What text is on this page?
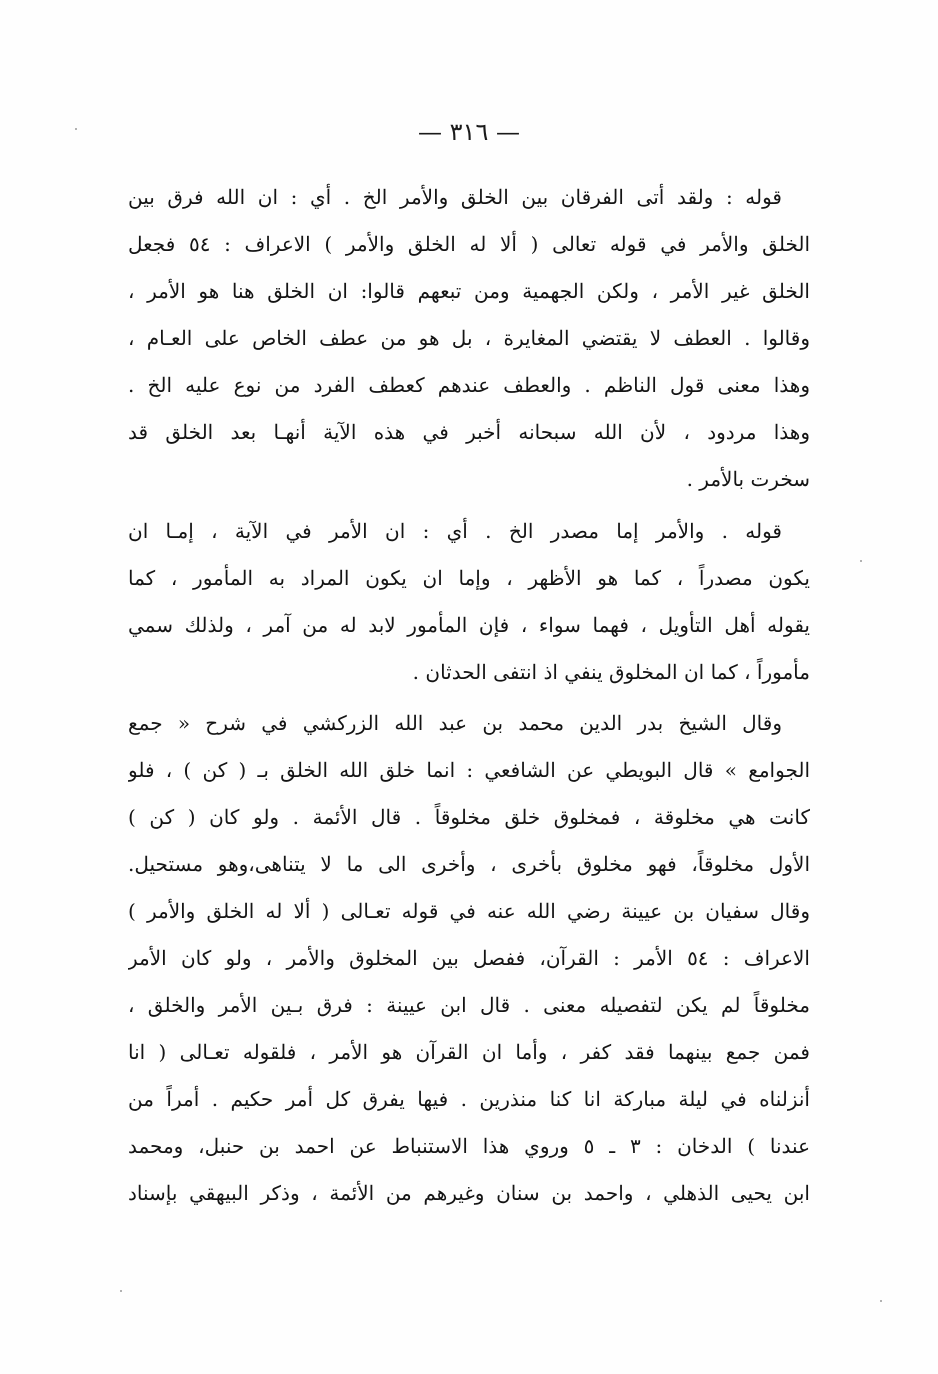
— ٣١٦ —
قوله : ولقد أتى الفرقان بين الخلق والأمر الخ . أي : ان الله فرق بين
الخلق والأمر في قوله تعالى ( ألا له الخلق والأمر ) الاعراف : ٥٤ فجعل
الخلق غير الأمر ، ولكن الجهمية ومن تبعهم قالوا: ان الخلق هنا هو الأمر ،
وقالوا . العطف لا يقتضي المغايرة ، بل هو من عطف الخاص على العـام ،
وهذا معنى قول الناظم . والعطف عندهم كعطف الفرد من نوع عليه الخ .
وهذا مردود ، لأن الله سبحانه أخبر في هذه الآية أنهـا بعد الخلق قد
سخرت بالأمر .
قوله . والأمر إما مصدر الخ . أي : ان الأمر في الآية ، إمـا ان
يكون مصدراً ، كما هو الأظهر ، وإما ان يكون المراد به المأمور ، كما
يقوله أهل التأويل ، فهما سواء ، فإن المأمور لابد له من آمر ، ولذلك سمي
مأموراً ، كما ان المخلوق ينفي اذ انتفى الحدثان .
وقال الشيخ بدر الدين محمد بن عبد الله الزركشي في شرح « جمع
الجوامع » قال البويطي عن الشافعي : انما خلق الله الخلق بـ ( كن ) ، فلو
كانت هي مخلوقة ، فمخلوق خلق مخلوقاً . قال الأئمة . ولو كان ( كن )
الأول مخلوقاً، فهو مخلوق بأخرى ، وأخرى الى ما لا يتناهى،وهو مستحيل.
وقال سفيان بن عيينة رضي الله عنه في قوله تعـالى ( ألا له الخلق والأمر )
الاعراف : ٥٤ الأمر : القرآن، ففصل بين المخلوق والأمر ، ولو كان الأمر
مخلوقاً لم يكن لتفصيله معنى . قال ابن عيينة : فرق بـين الأمر والخلق ،
فمن جمع بينهما فقد كفر ، وأما ان القرآن هو الأمر ، فلقوله تعـالى ( انا
أنزلناه في ليلة مباركة انا كنا منذرين . فيها يفرق كل أمر حكيم . أمراً من
عندنا ) الدخان : ٣ ـ ٥ وروي هذا الاستنباط عن احمد بن حنبل، ومحمد
ابن يحيى الذهلي ، واحمد بن سنان وغيرهم من الأئمة ، وذكر البيهقي بإسناد
